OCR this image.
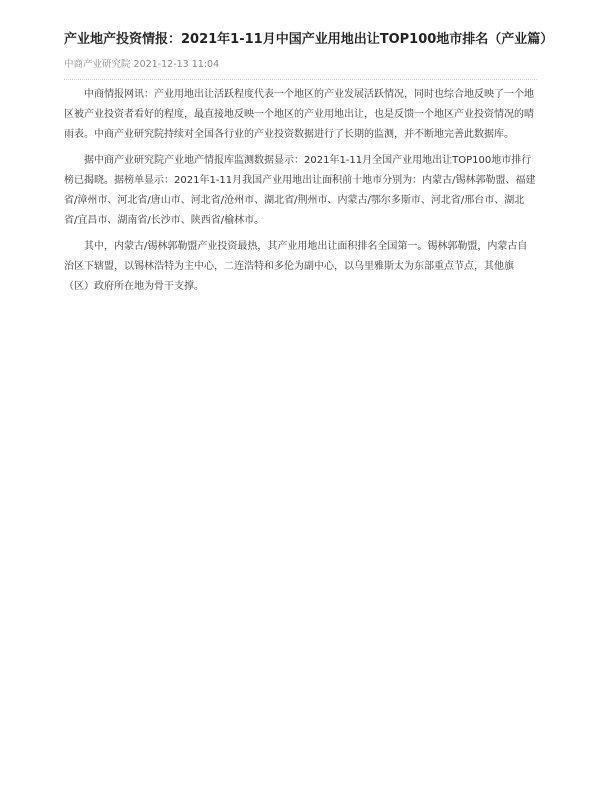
产业地产投资情报：2021年1-11月中国产业用地出让TOP100地市排名（产业篇）
中商产业研究院 2021-12-13 11:04

中商情报网讯：产业用地出让活跃程度代表一个地区的产业发展活跃情况，同时也综合地反映了一个地区被产业投资者看好的程度，最直接地反映一个地区的产业用地出让，也是反馈一个地区产业投资情况的晴雨表。中商产业研究院持续对全国各行业的产业投资数据进行了长期的监测，并不断地完善此数据库。

据中商产业研究院产业地产情报库监测数据显示：2021年1-11月全国产业用地出让TOP100地市排行榜已揭晓。据榜单显示：2021年1-11月我国产业用地出让面积前十地市分别为：内蒙古/锡林郭勒盟、福建省/漳州市、河北省/唐山市、河北省/沧州市、湖北省/荆州市、内蒙古/鄂尔多斯市、河北省/邢台市、湖北省/宜昌市、湖南省/长沙市、陕西省/榆林市。

其中，内蒙古/锡林郭勒盟产业投资最热，其产业用地出让面积排名全国第一。锡林郭勒盟，内蒙古自治区下辖盟，以锡林浩特为主中心，二连浩特和多伦为副中心，以乌里雅斯太为东部重点节点，其他旗（区）政府所在地为骨干支撑。
